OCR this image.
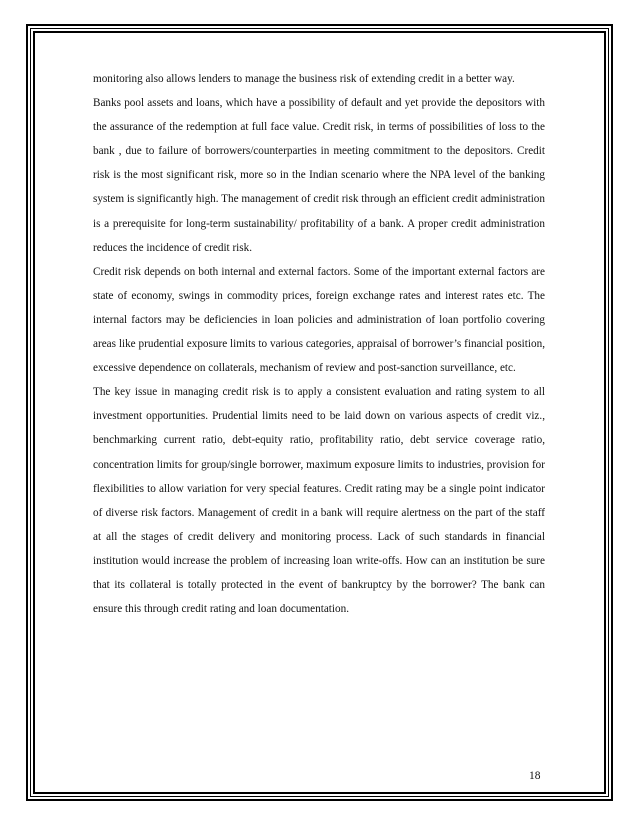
monitoring also allows lenders to manage the business risk of extending credit in a better way.

Banks pool assets and loans, which have a possibility of default and yet provide the depositors with the assurance of the redemption at full face value. Credit risk, in terms of possibilities of loss to the bank , due to failure of borrowers/counterparties in meeting commitment to the depositors. Credit risk is the most significant risk, more so in the Indian scenario where the NPA level of the banking system is significantly high. The management of credit risk through an efficient credit administration is a prerequisite for long-term sustainability/ profitability of a bank. A proper credit administration reduces the incidence of credit risk.

Credit risk depends on both internal and external factors. Some of the important external factors are state of economy, swings in commodity prices, foreign exchange rates and interest rates etc. The internal factors may be deficiencies in loan policies and administration of loan portfolio covering areas like prudential exposure limits to various categories, appraisal of borrower’s financial position, excessive dependence on collaterals, mechanism of review and post-sanction surveillance, etc.

The key issue in managing credit risk is to apply a consistent evaluation and rating system to all investment opportunities. Prudential limits need to be laid down on various aspects of credit viz., benchmarking current ratio, debt-equity ratio, profitability ratio, debt service coverage ratio, concentration limits for group/single borrower, maximum exposure limits to industries, provision for flexibilities to allow variation for very special features. Credit rating may be a single point indicator of diverse risk factors. Management of credit in a bank will require alertness on the part of the staff at all the stages of credit delivery and monitoring process. Lack of such standards in financial institution would increase the problem of increasing loan write-offs. How can an institution be sure that its collateral is totally protected in the event of bankruptcy by the borrower? The bank can ensure this through credit rating and loan documentation.

18
